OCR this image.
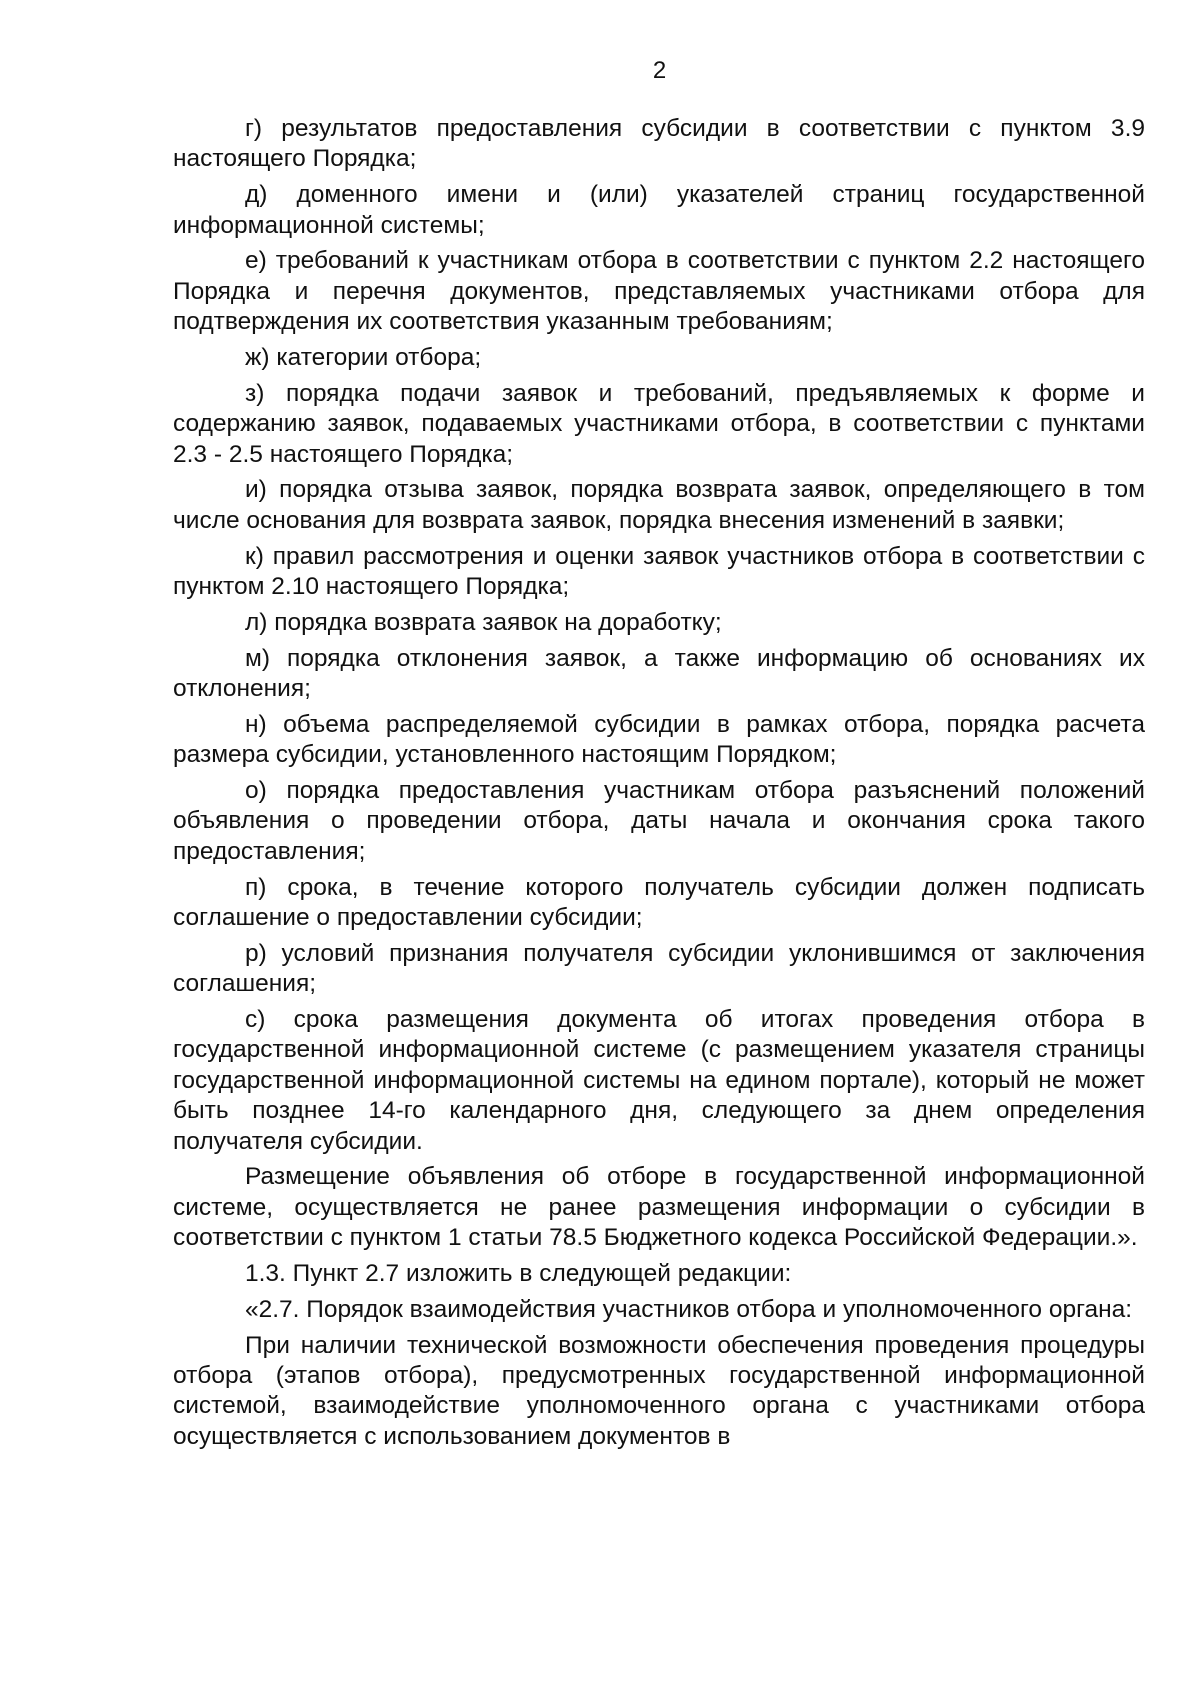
2

г) результатов предоставления субсидии в соответствии с пунктом 3.9 настоящего Порядка;

д) доменного имени и (или) указателей страниц государственной информационной системы;

е) требований к участникам отбора в соответствии с пунктом 2.2 настоящего Порядка и перечня документов, представляемых участниками отбора для подтверждения их соответствия указанным требованиям;

ж) категории отбора;

з) порядка подачи заявок и требований, предъявляемых к форме и содержанию заявок, подаваемых участниками отбора, в соответствии с пунктами 2.3 - 2.5 настоящего Порядка;

и) порядка отзыва заявок, порядка возврата заявок, определяющего в том числе основания для возврата заявок, порядка внесения изменений в заявки;

к) правил рассмотрения и оценки заявок участников отбора в соответствии с пунктом 2.10 настоящего Порядка;

л) порядка возврата заявок на доработку;

м) порядка отклонения заявок, а также информацию об основаниях их отклонения;

н) объема распределяемой субсидии в рамках отбора, порядка расчета размера субсидии, установленного настоящим Порядком;

о) порядка предоставления участникам отбора разъяснений положений объявления о проведении отбора, даты начала и окончания срока такого предоставления;

п) срока, в течение которого получатель субсидии должен подписать соглашение о предоставлении субсидии;

р) условий признания получателя субсидии уклонившимся от заключения соглашения;

с) срока размещения документа об итогах проведения отбора в государственной информационной системе (с размещением указателя страницы государственной информационной системы на едином портале), который не может быть позднее 14-го календарного дня, следующего за днем определения получателя субсидии.

Размещение объявления об отборе в государственной информационной системе, осуществляется не ранее размещения информации о субсидии в соответствии с пунктом 1 статьи 78.5 Бюджетного кодекса Российской Федерации.».

1.3. Пункт 2.7 изложить в следующей редакции:

«2.7. Порядок взаимодействия участников отбора и уполномоченного органа:

При наличии технической возможности обеспечения проведения процедуры отбора (этапов отбора), предусмотренных государственной информационной системой, взаимодействие уполномоченного органа с участниками отбора осуществляется с использованием документов в
